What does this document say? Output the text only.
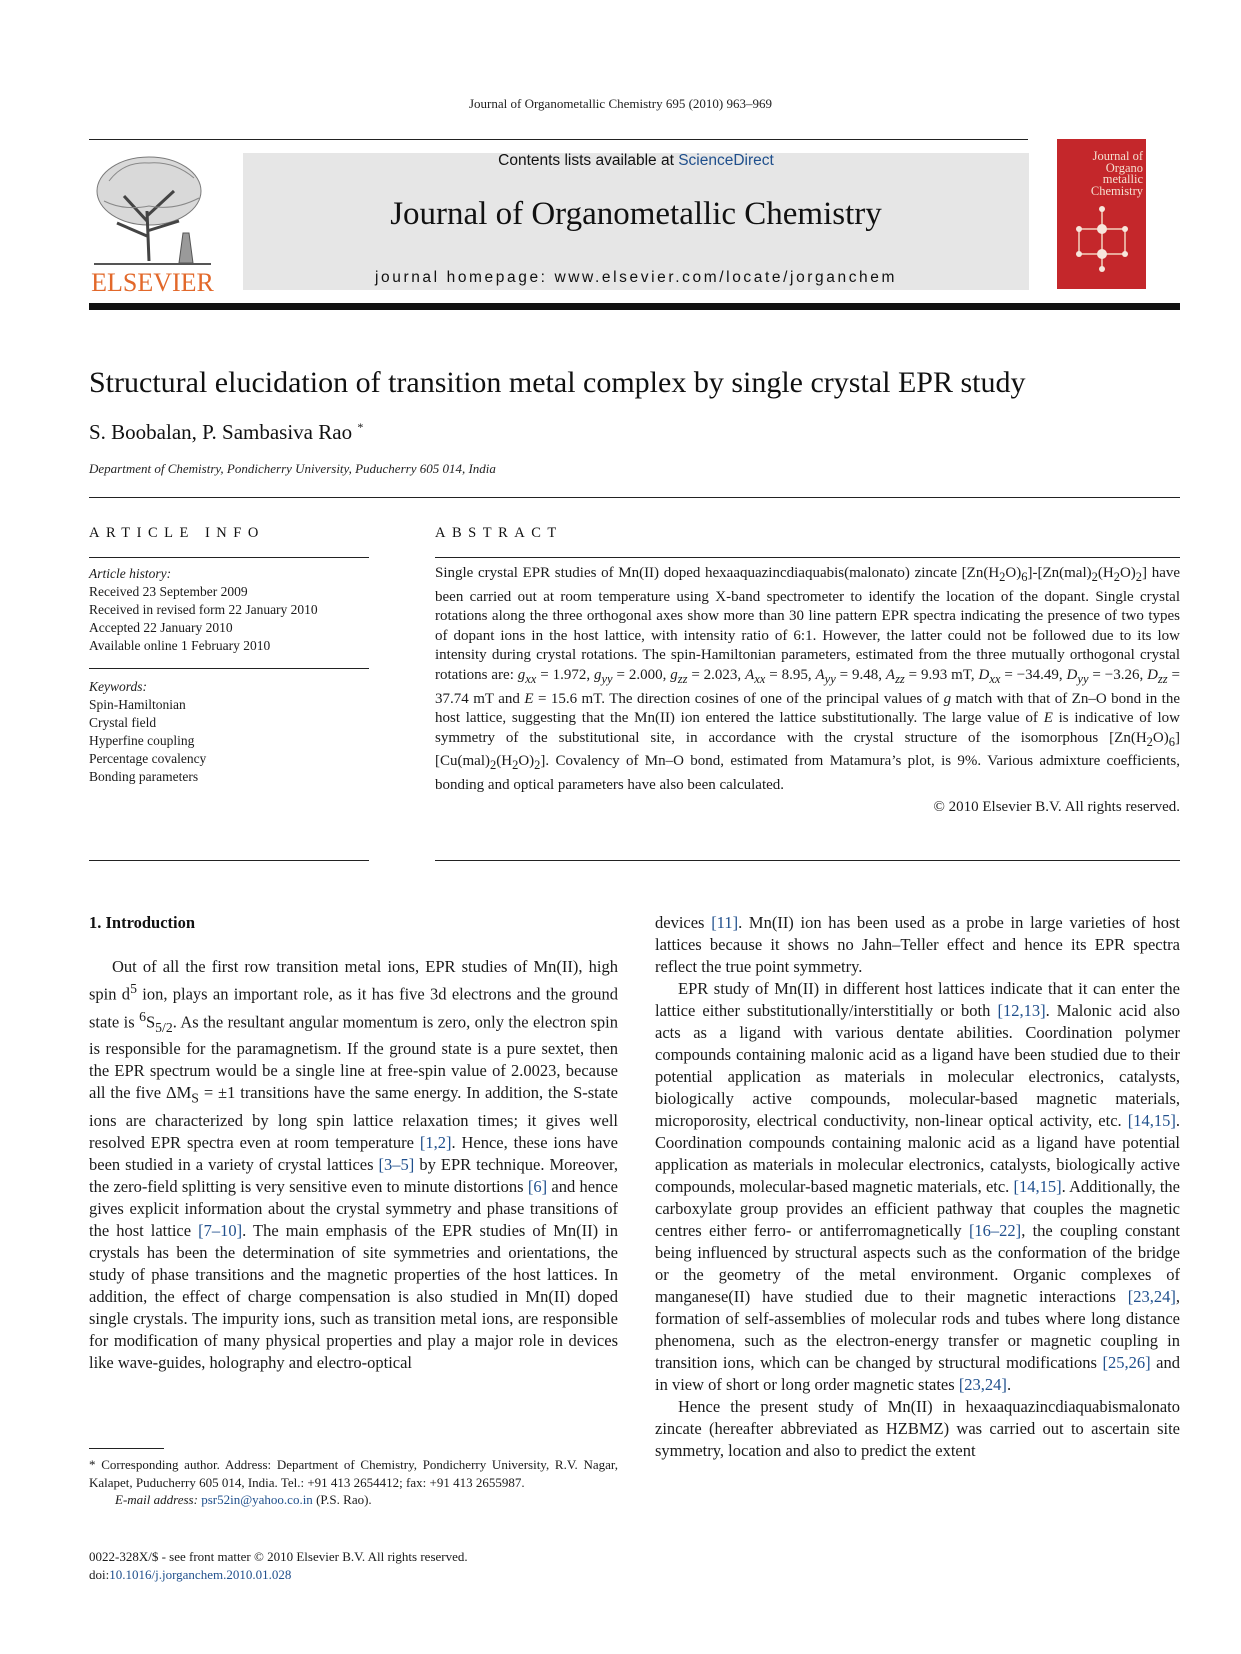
Journal of Organometallic Chemistry 695 (2010) 963–969
ELSEVIER
Contents lists available at ScienceDirect
Journal of Organometallic Chemistry
journal homepage: www.elsevier.com/locate/jorganchem
Journal of Organo metallic Chemistry
Structural elucidation of transition metal complex by single crystal EPR study
S. Boobalan, P. Sambasiva Rao *
Department of Chemistry, Pondicherry University, Puducherry 605 014, India
ARTICLE INFO
Article history:
Received 23 September 2009
Received in revised form 22 January 2010
Accepted 22 January 2010
Available online 1 February 2010
Keywords:
Spin-Hamiltonian
Crystal field
Hyperfine coupling
Percentage covalency
Bonding parameters
ABSTRACT

Single crystal EPR studies of Mn(II) doped hexaaquazincdiaquabis(malonato) zincate $[Zn(H_2O)_6]-[Zn(mal)_2(H_2O)_2]$ have been carried out at room temperature using X-band spectrometer to identify the location of the dopant. Single crystal rotations along the three orthogonal axes show more than 30 line pattern EPR spectra indicating the presence of two types of dopant ions in the host lattice, with intensity ratio of 6:1. However, the latter could not be followed due to its low intensity during crystal rotations. The spin-Hamiltonian parameters, estimated from the three mutually orthogonal crystal rotations are: $g_{xx} = 1.972$, $g_{yy} = 2.000$, $g_{zz} = 2.023$, $A_{xx} = 8.95$, $A_{yy} = 9.48$, $A_{zz} = 9.93$ mT, $D_{xx} = -34.49$, $D_{yy} = -3.26$, $D_{zz} = 37.74$ mT and E = 15.6 mT. The direction cosines of one of the principal values of g match with that of Zn–O bond in the host lattice, suggesting that the Mn(II) ion entered the lattice substitutionally. The large value of E is indicative of low symmetry of the substitutional site, in accordance with the crystal structure of the isomorphous $[Zn(H_2O)_6][Cu(mal)_2(H_2O)_2]$. Covalency of Mn–O bond, estimated from Matamura’s plot, is 9%. Various admixture coefficients, bonding and optical parameters have also been calculated.

© 2010 Elsevier B.V. All rights reserved.

1. Introduction

Out of all the first row transition metal ions, EPR studies of Mn(II), high spin $d^5$ ion, plays an important role, as it has five 3d electrons and the ground state is $^6S_{5/2}$. As the resultant angular momentum is zero, only the electron spin is responsible for the paramagnetism. If the ground state is a pure sextet, then the EPR spectrum would be a single line at free-spin value of 2.0023, because all the five $\Delta M_S = \pm 1$ transitions have the same energy. In addition, the S-state ions are characterized by long spin lattice relaxation times; it gives well resolved EPR spectra even at room temperature [1,2]. Hence, these ions have been studied in a variety of crystal lattices [3–5] by EPR technique. Moreover, the zero-field splitting is very sensitive even to minute distortions [6] and hence gives explicit information about the crystal symmetry and phase transitions of the host lattice [7–10]. The main emphasis of the EPR studies of Mn(II) in crystals has been the determination of site symmetries and orientations, the study of phase transitions and the magnetic properties of the host lattices. In addition, the effect of charge compensation is also studied in Mn(II) doped single crystals. The impurity ions, such as transition metal ions, are responsible for modification of many physical properties and play a major role in devices like wave-guides, holography and electro-optical

devices [11]. Mn(II) ion has been used as a probe in large varieties of host lattices because it shows no Jahn–Teller effect and hence its EPR spectra reflect the true point symmetry.

EPR study of Mn(II) in different host lattices indicate that it can enter the lattice either substitutionally/interstitially or both [12,13]. Malonic acid also acts as a ligand with various dentate abilities. Coordination polymer compounds containing malonic acid as a ligand have been studied due to their potential application as materials in molecular electronics, catalysts, biologically active compounds, molecular-based magnetic materials, microporosity, electrical conductivity, non-linear optical activity, etc. [14,15]. Coordination compounds containing malonic acid as a ligand have potential application as materials in molecular electronics, catalysts, biologically active compounds, molecular-based magnetic materials, etc. [14,15]. Additionally, the carboxylate group provides an efficient pathway that couples the magnetic centres either ferro- or antiferromagnetically [16–22], the coupling constant being influenced by structural aspects such as the conformation of the bridge or the geometry of the metal environment. Organic complexes of manganese(II) have studied due to their magnetic interactions [23,24], formation of self-assemblies of molecular rods and tubes where long distance phenomena, such as the electron-energy transfer or magnetic coupling in transition ions, which can be changed by structural modifications [25,26] and in view of short or long order magnetic states [23,24].

Hence the present study of Mn(II) in hexaaquazincdiaquabismalonato zincate (hereafter abbreviated as HZBMZ) was carried out to ascertain site symmetry, location and also to predict the extent

* Corresponding author. Address: Department of Chemistry, Pondicherry University, R.V. Nagar, Kalapet, Puducherry 605 014, India. Tel.: +91 413 2654412; fax: +91 413 2655987.

E-mail address: psr52in@yahoo.co.in (P.S. Rao).

0022-328X/$ - see front matter © 2010 Elsevier B.V. All rights reserved.
doi:10.1016/j.jorganchem.2010.01.028
